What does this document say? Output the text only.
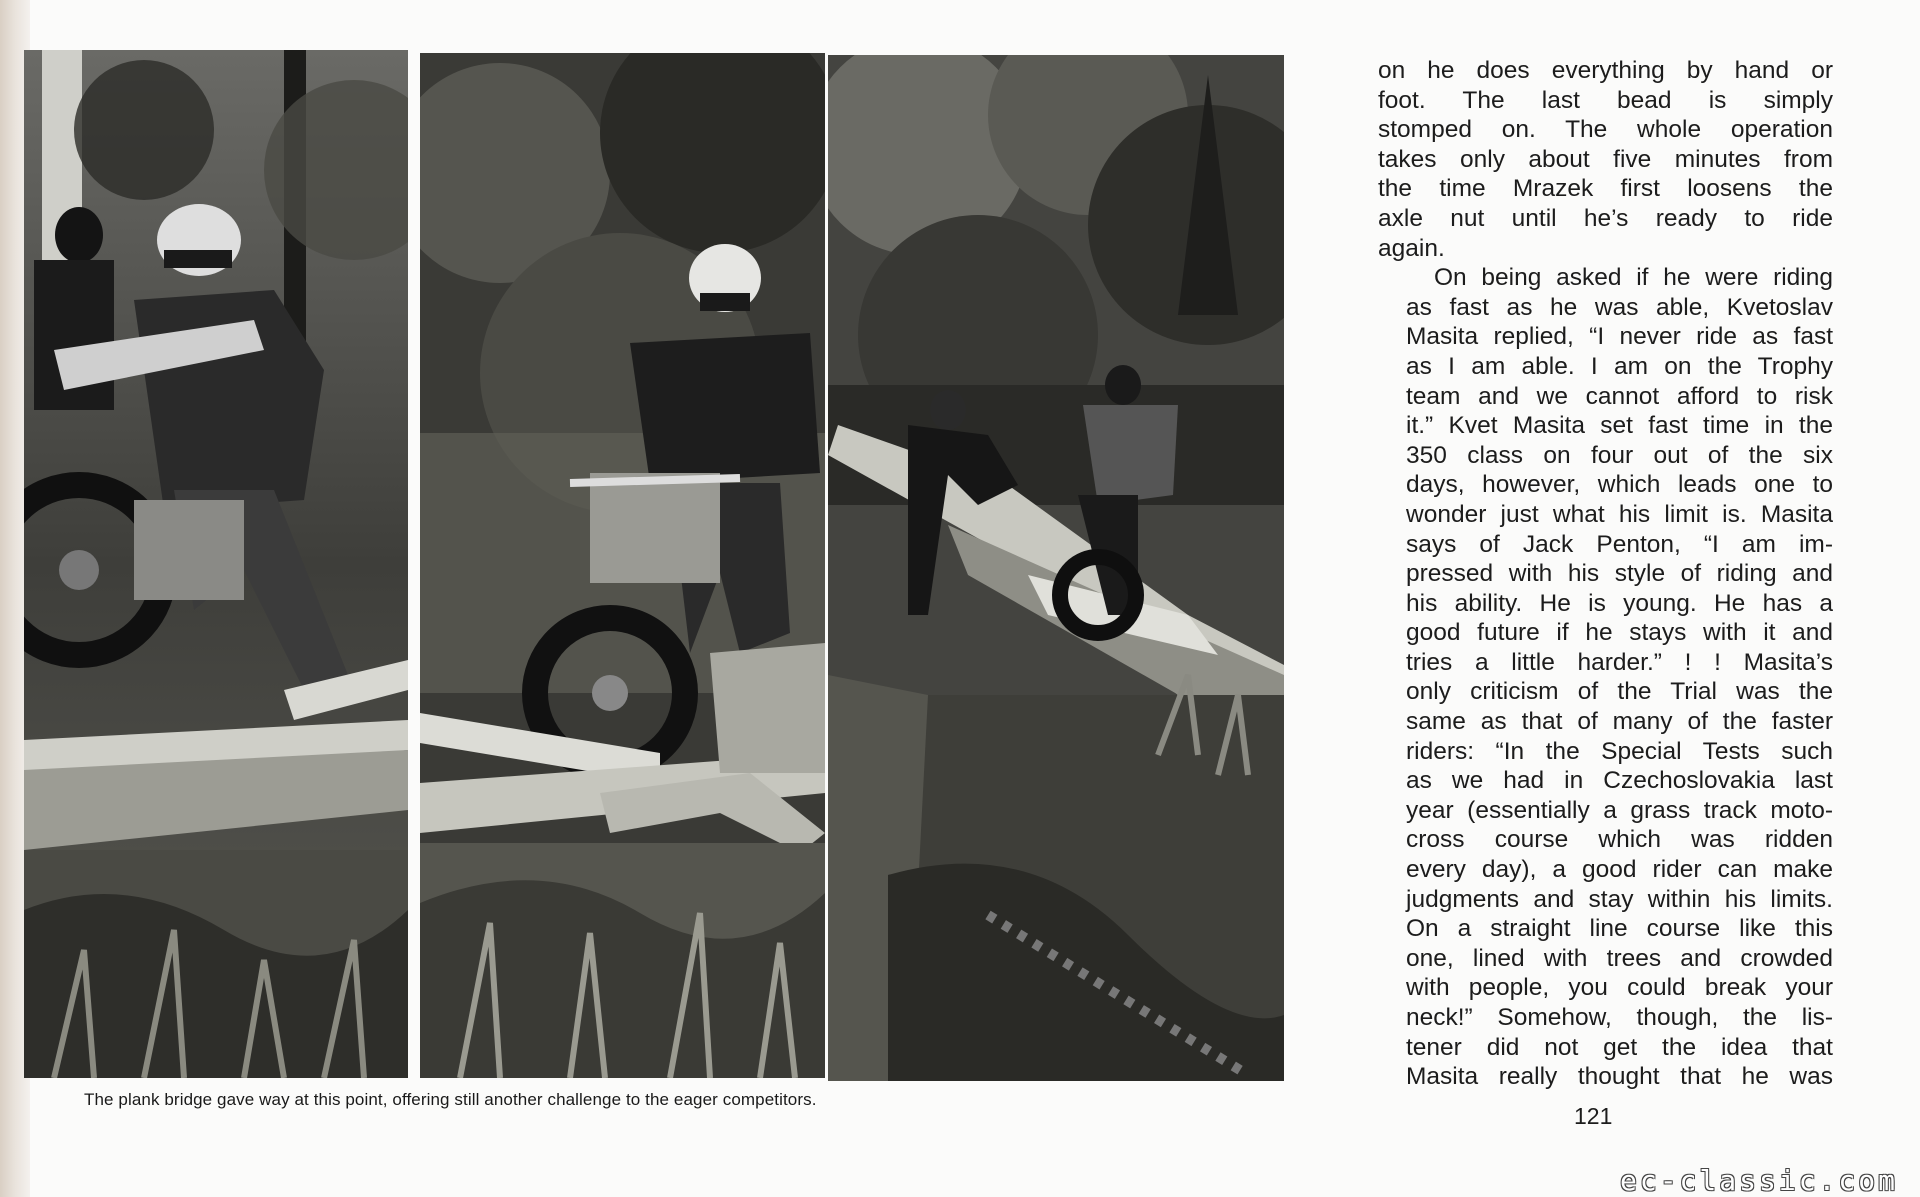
The plank bridge gave way at this point, offering still another challenge to the eager competitors.

on he does everything by hand or
foot. The last bead is simply
stomped on. The whole operation
takes only about five minutes from
the time Mrazek first loosens the
axle nut until he’s ready to ride
again.

On being asked if he were riding
as fast as he was able, Kvetoslav
Masita replied, “I never ride as fast
as I am able. I am on the Trophy
team and we cannot afford to risk
it.” Kvet Masita set fast time in the
350 class on four out of the six
days, however, which leads one to
wonder just what his limit is. Masita
says of Jack Penton, “I am im-
pressed with his style of riding and
his ability. He is young. He has a
good future if he stays with it and
tries a little harder.” ! ! Masita’s
only criticism of the Trial was the
same as that of many of the faster
riders: “In the Special Tests such
as we had in Czechoslovakia last
year (essentially a grass track moto-
cross course which was ridden
every day), a good rider can make
judgments and stay within his limits.
On a straight line course like this
one, lined with trees and crowded
with people, you could break your
neck!” Somehow, though, the lis-
tener did not get the idea that
Masita really thought that he was

121
ec-classic.com
